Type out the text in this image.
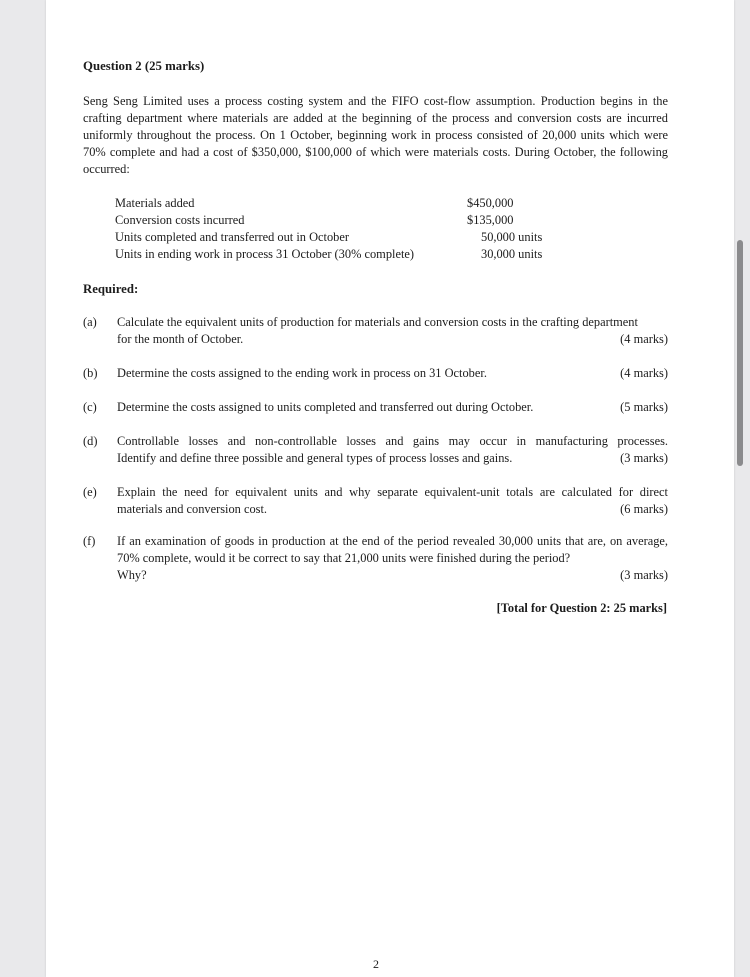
Question 2 (25 marks)
Seng Seng Limited uses a process costing system and the FIFO cost-flow assumption. Production begins in the crafting department where materials are added at the beginning of the process and conversion costs are incurred uniformly throughout the process. On 1 October, beginning work in process consisted of 20,000 units which were 70% complete and had a cost of $350,000, $100,000 of which were materials costs. During October, the following occurred:
Materials added	$450,000
Conversion costs incurred	$135,000
Units completed and transferred out in October	50,000 units
Units in ending work in process 31 October (30% complete)	30,000 units
Required:
(a) Calculate the equivalent units of production for materials and conversion costs in the crafting department
for the month of October.	(4 marks)
(b) Determine the costs assigned to the ending work in process on 31 October.	(4 marks)
(c) Determine the costs assigned to units completed and transferred out during October.	(5 marks)
(d) Controllable losses and non-controllable losses and gains may occur in manufacturing processes.
Identify and define three possible and general types of process losses and gains.	(3 marks)
(e) Explain the need for equivalent units and why separate equivalent-unit totals are calculated for direct
materials and conversion cost.	(6 marks)
(f) If an examination of goods in production at the end of the period revealed 30,000 units that are, on average, 70% complete, would it be correct to say that 21,000 units were finished during the period?
Why?	(3 marks)
[Total for Question 2: 25 marks]
2
